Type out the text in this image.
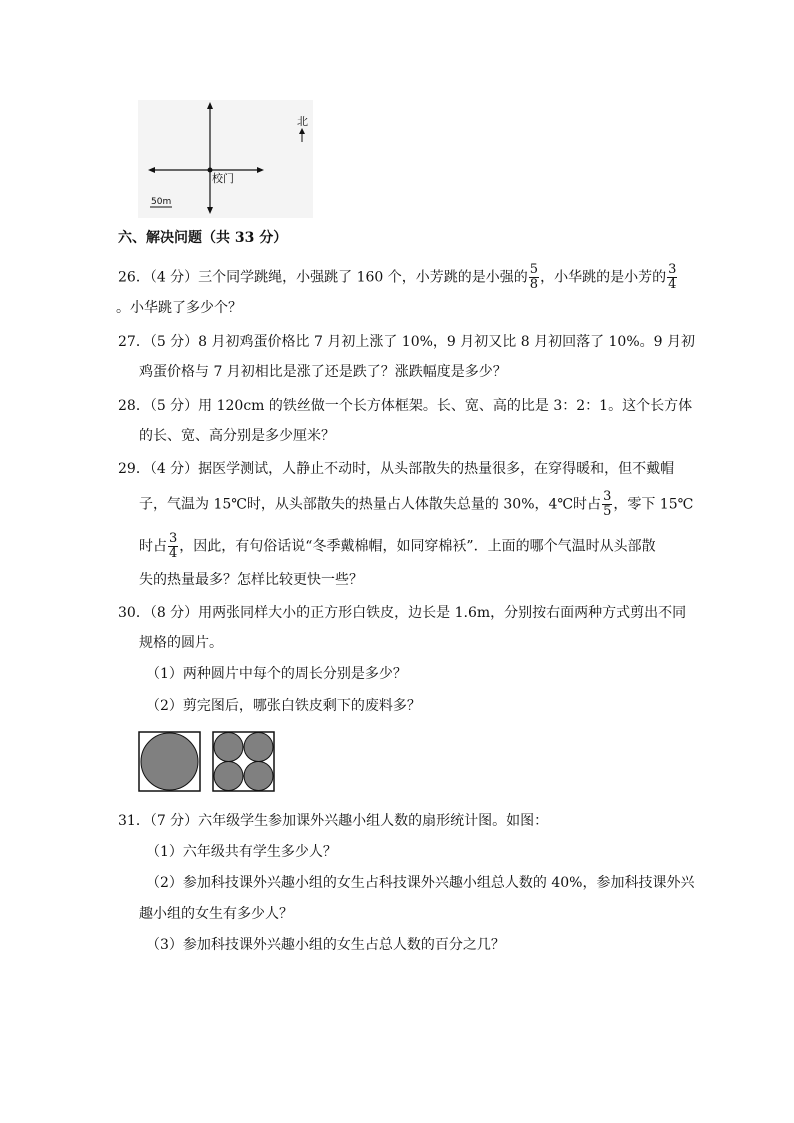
校门
北
50m
六、解决问题（共 33 分）
26．（4 分）三个同学跳绳，小强跳了 160 个，小芳跳的是小强的 $\frac{5}{8}$ ，小华跳的是小芳的 $\frac{3}{4}$
。小华跳了多少个？
27．（5 分）8 月初鸡蛋价格比 7 月初上涨了 10%，9 月初又比 8 月初回落了 10%。9 月初
鸡蛋价格与 7 月初相比是涨了还是跌了？涨跌幅度是多少？
28．（5 分）用 120cm 的铁丝做一个长方体框架。长、宽、高的比是 3：2：1。这个长方体
的长、宽、高分别是多少厘米？
29．（4 分）据医学测试，人静止不动时，从头部散失的热量很多，在穿得暖和，但不戴帽
子，气温为 15℃时，从头部散失的热量占人体散失总量的 30%，4℃时占 $\frac{3}{5}$ ，零下 15℃
时占 $\frac{3}{4}$ ，因此，有句俗话说“冬季戴棉帽，如同穿棉袄”．上面的哪个气温时从头部散
失的热量最多？怎样比较更快一些？
30．（8 分）用两张同样大小的正方形白铁皮，边长是 1.6m，分别按右面两种方式剪出不同
规格的圆片。
（1）两种圆片中每个的周长分别是多少？
（2）剪完图后，哪张白铁皮剩下的废料多？
31．（7 分）六年级学生参加课外兴趣小组人数的扇形统计图。如图：
（1）六年级共有学生多少人？
（2）参加科技课外兴趣小组的女生占科技课外兴趣小组总人数的 40%，参加科技课外兴
趣小组的女生有多少人？
（3）参加科技课外兴趣小组的女生占总人数的百分之几？
